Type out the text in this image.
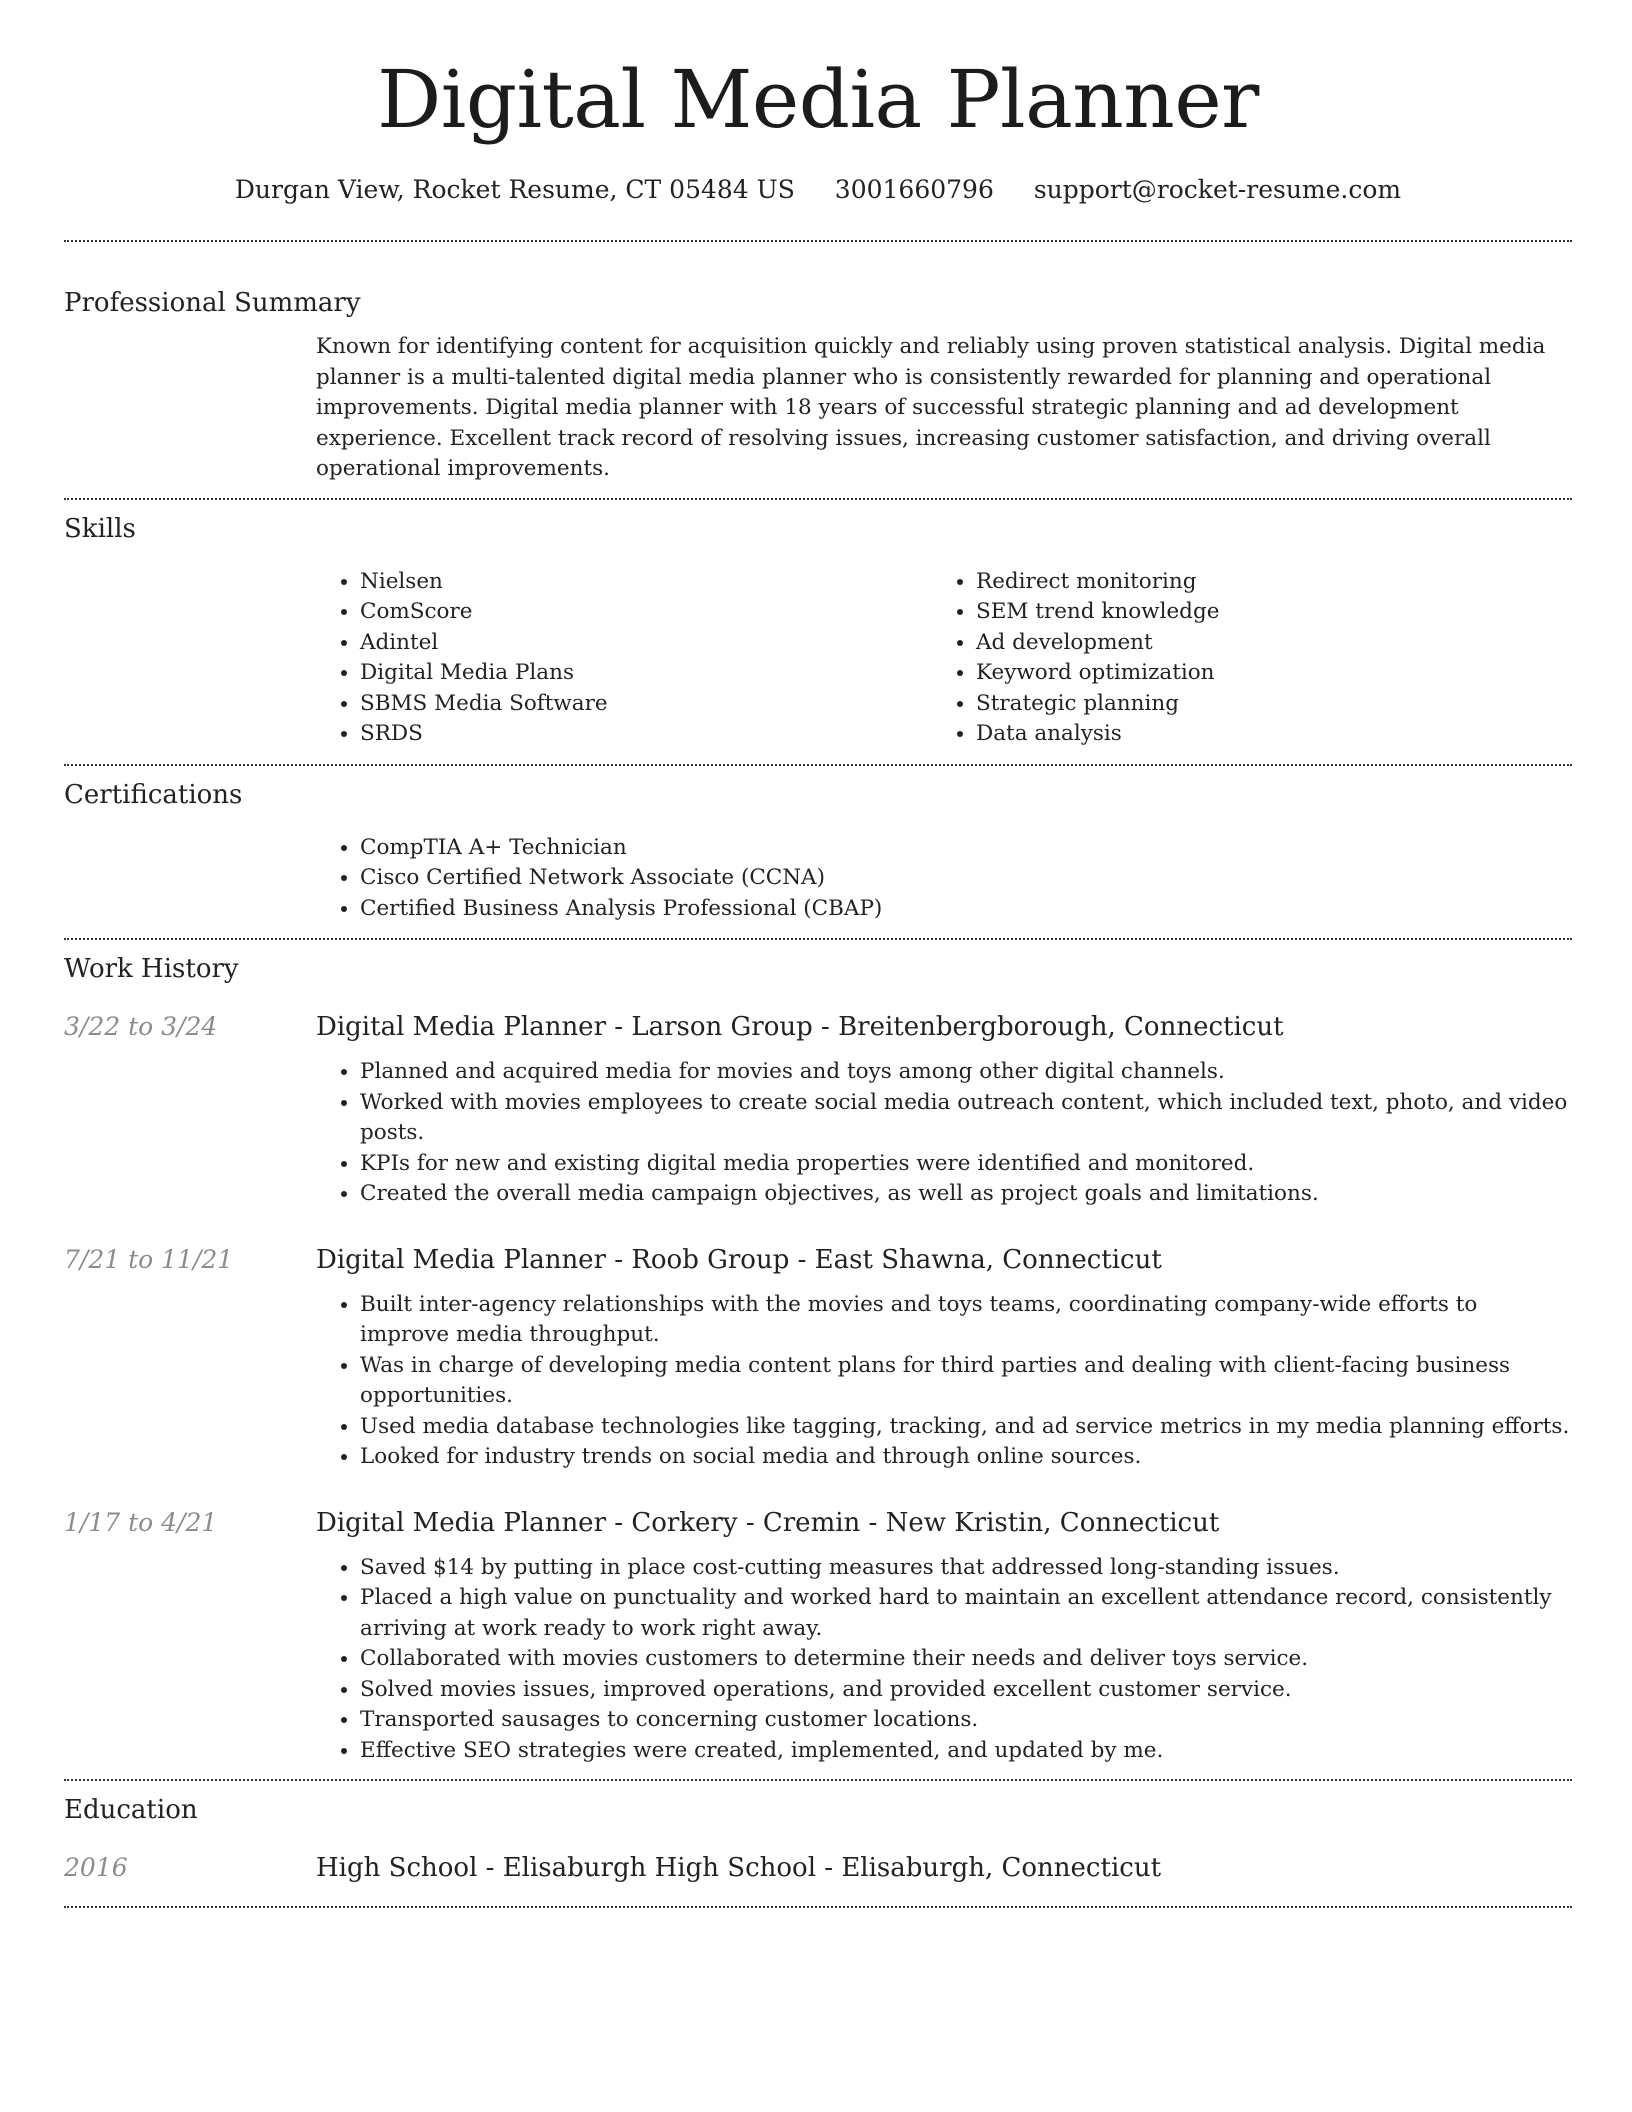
Digital Media Planner
Durgan View, Rocket Resume, CT 05484 US 3001660796 support@rocket-resume.com
Professional Summary

Known for identifying content for acquisition quickly and reliably using proven statistical analysis. Digital media planner is a multi-talented digital media planner who is consistently rewarded for planning and operational improvements. Digital media planner with 18 years of successful strategic planning and ad development experience. Excellent track record of resolving issues, increasing customer satisfaction, and driving overall operational improvements.

Skills
• Nielsen
• ComScore
• Adintel
• Digital Media Plans
• SBMS Media Software
• SRDS
• Redirect monitoring
• SEM trend knowledge
• Ad development
• Keyword optimization
• Strategic planning
• Data analysis
Certifications
• CompTIA A+ Technician
• Cisco Certified Network Associate (CCNA)
• Certified Business Analysis Professional (CBAP)
Work History
3/22 to 3/24	Digital Media Planner - Larson Group - Breitenbergborough, Connecticut
• Planned and acquired media for movies and toys among other digital channels.
• Worked with movies employees to create social media outreach content, which included text, photo, and video posts.
• KPIs for new and existing digital media properties were identified and monitored.
• Created the overall media campaign objectives, as well as project goals and limitations.
7/21 to 11/21	Digital Media Planner - Roob Group - East Shawna, Connecticut
• Built inter-agency relationships with the movies and toys teams, coordinating company-wide efforts to improve media throughput.
• Was in charge of developing media content plans for third parties and dealing with client-facing business opportunities.
• Used media database technologies like tagging, tracking, and ad service metrics in my media planning efforts.
• Looked for industry trends on social media and through online sources.
1/17 to 4/21	Digital Media Planner - Corkery - Cremin - New Kristin, Connecticut
• Saved $14 by putting in place cost-cutting measures that addressed long-standing issues.
• Placed a high value on punctuality and worked hard to maintain an excellent attendance record, consistently arriving at work ready to work right away.
• Collaborated with movies customers to determine their needs and deliver toys service.
• Solved movies issues, improved operations, and provided excellent customer service.
• Transported sausages to concerning customer locations.
• Effective SEO strategies were created, implemented, and updated by me.
Education
2016	High School - Elisaburgh High School - Elisaburgh, Connecticut
